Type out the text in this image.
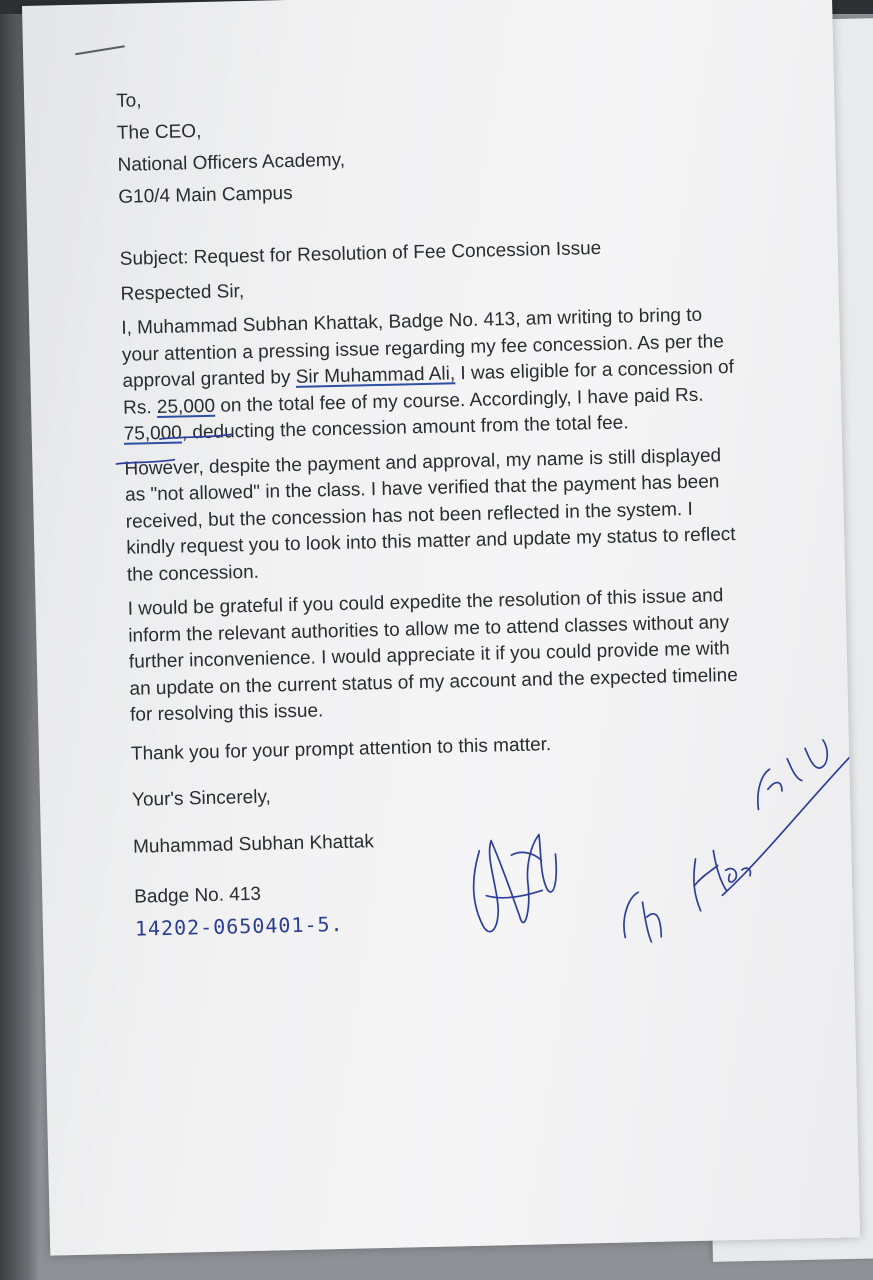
To,
The CEO,
National Officers Academy,
G10/4 Main Campus
Subject: Request for Resolution of Fee Concession Issue
Respected Sir,
I, Muhammad Subhan Khattak, Badge No. 413, am writing to bring to
your attention a pressing issue regarding my fee concession. As per the
approval granted by Sir Muhammad Ali, I was eligible for a concession of
Rs. 25,000 on the total fee of my course. Accordingly, I have paid Rs.
75,000, deducting the concession amount from the total fee.
However, despite the payment and approval, my name is still displayed
as "not allowed" in the class. I have verified that the payment has been
received, but the concession has not been reflected in the system. I
kindly request you to look into this matter and update my status to reflect
the concession.
I would be grateful if you could expedite the resolution of this issue and
inform the relevant authorities to allow me to attend classes without any
further inconvenience. I would appreciate it if you could provide me with
an update on the current status of my account and the expected timeline
for resolving this issue.
Thank you for your prompt attention to this matter.
Your's Sincerely,
Muhammad Subhan Khattak
Badge No. 413
14202-0650401-5.
